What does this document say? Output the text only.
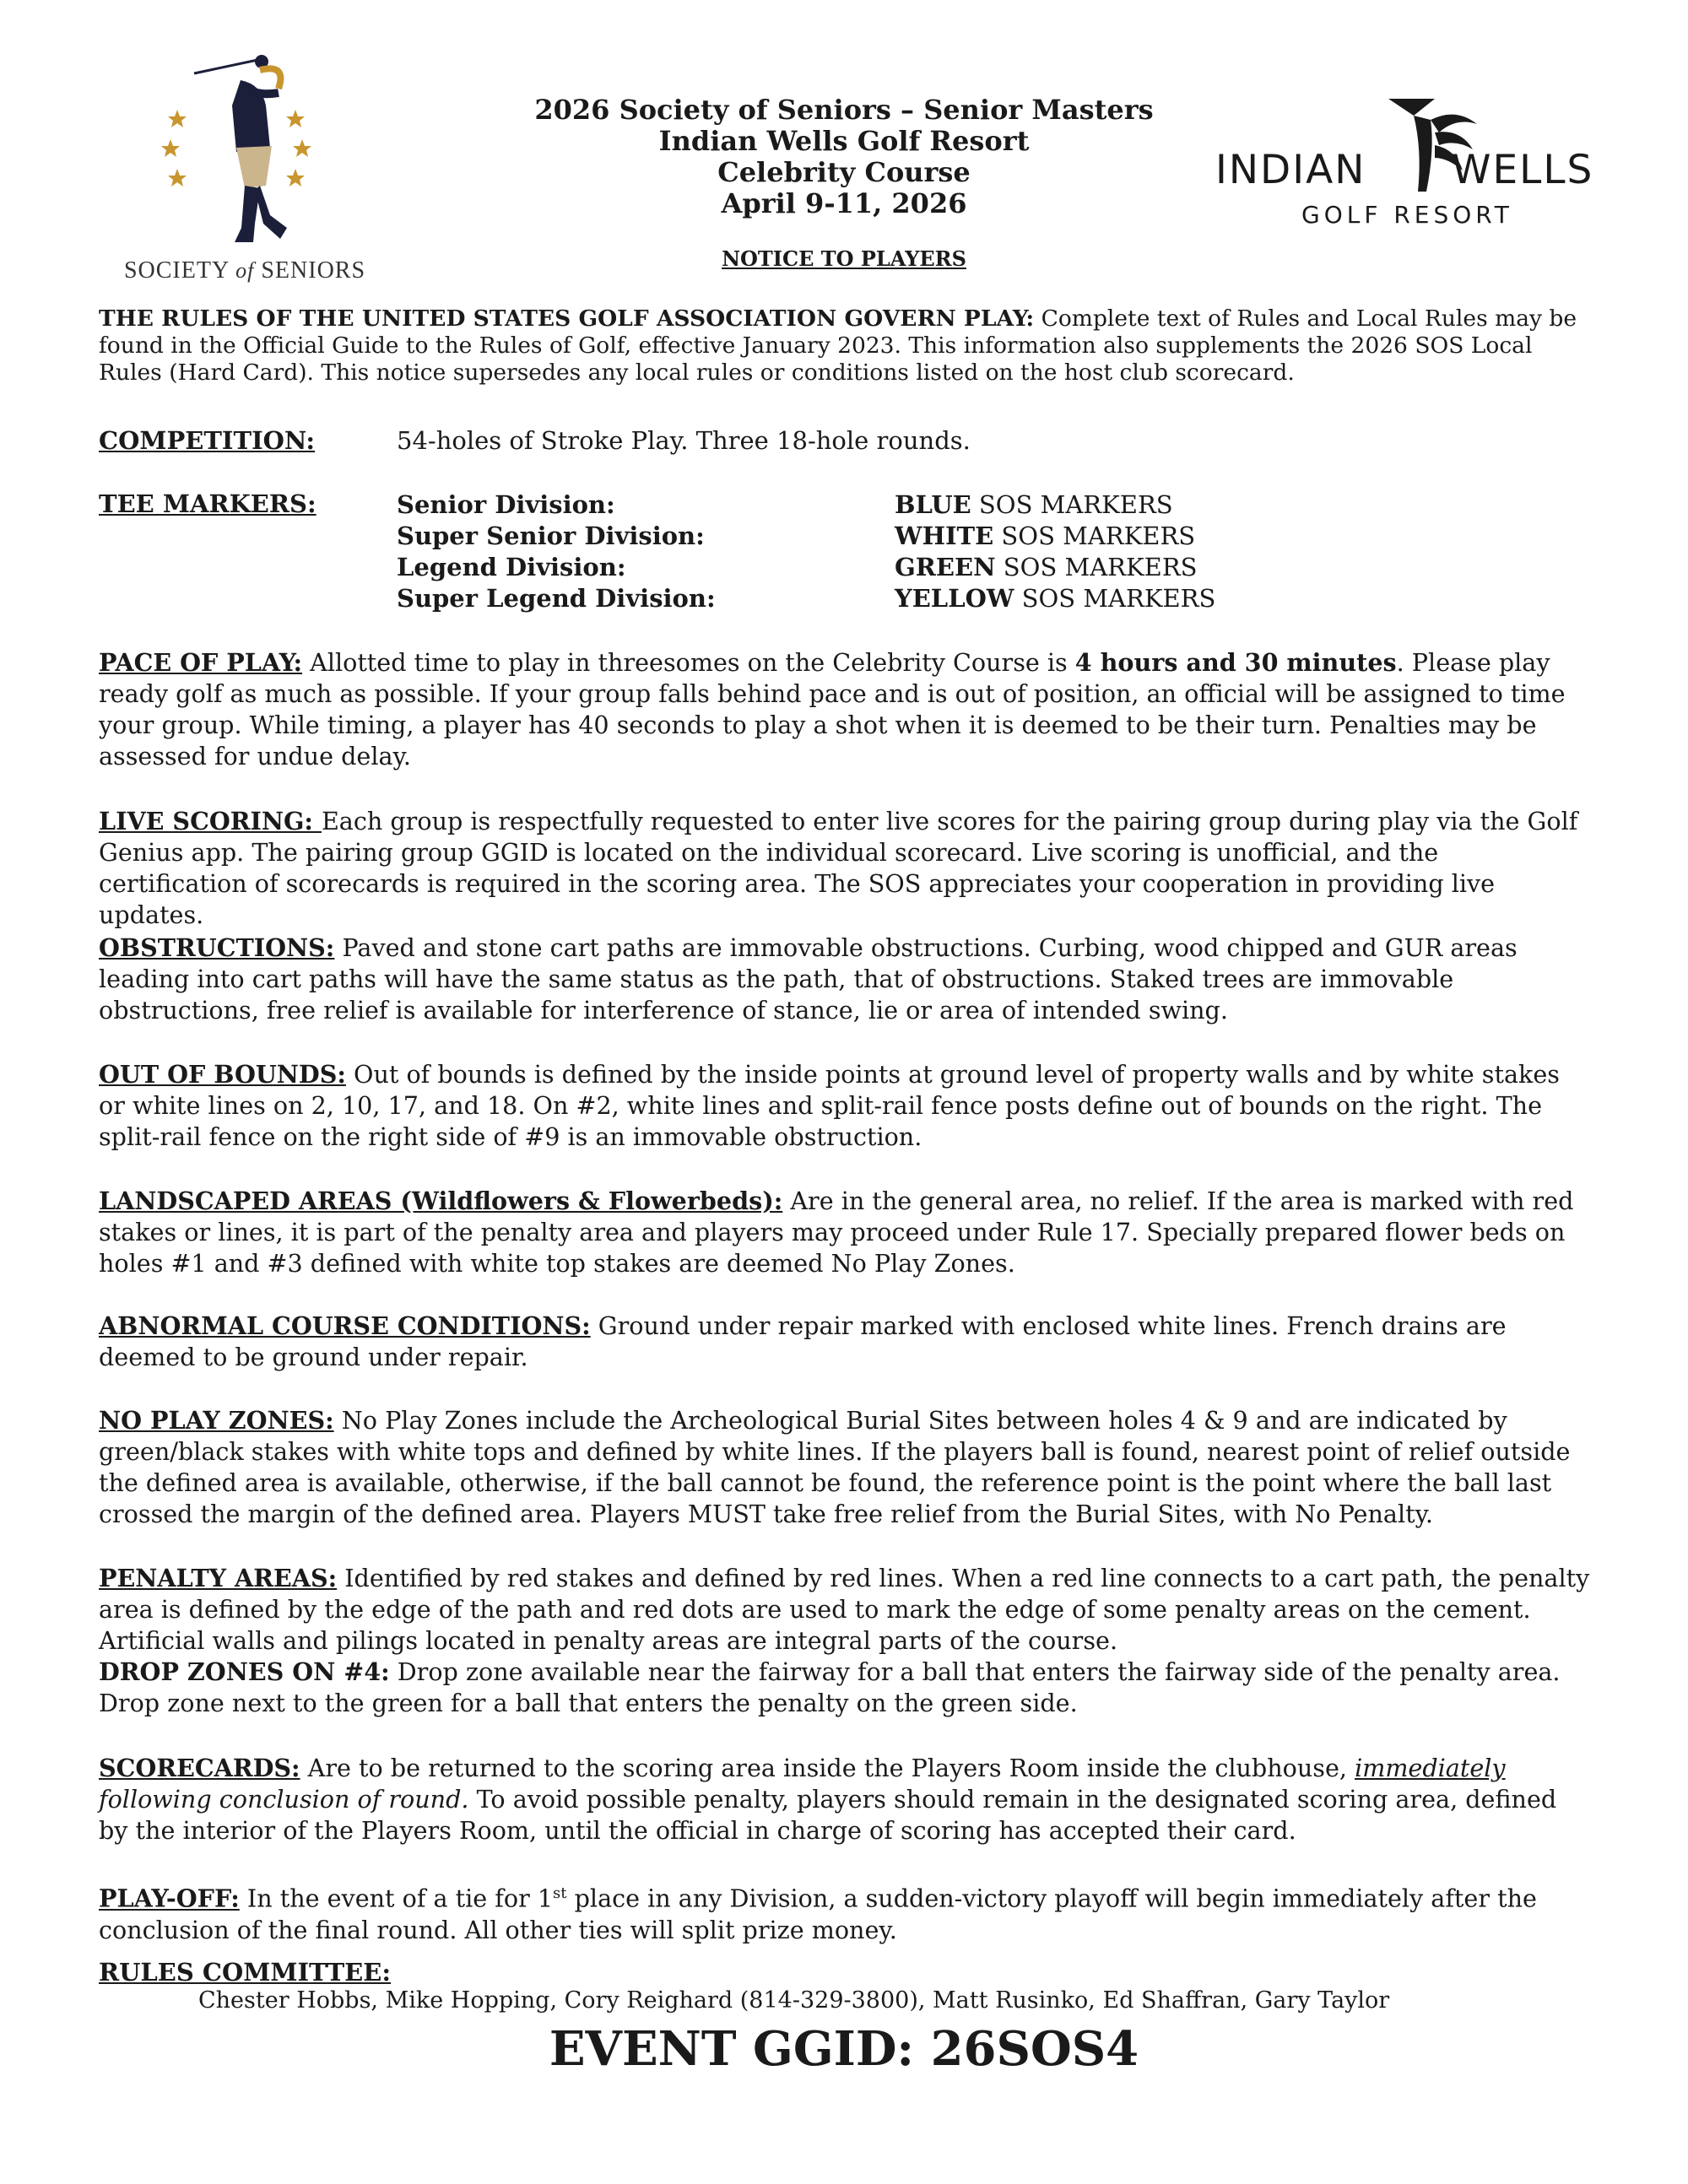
SOCIETY of SENIORS
2026 Society of Seniors – Senior Masters
Indian Wells Golf Resort
Celebrity Course
April 9-11, 2026
NOTICE TO PLAYERS
INDIAN WELLS
GOLF RESORT
THE RULES OF THE UNITED STATES GOLF ASSOCIATION GOVERN PLAY: Complete text of Rules and Local Rules may be found in the Official Guide to the Rules of Golf, effective January 2023. This information also supplements the 2026 SOS Local Rules (Hard Card). This notice supersedes any local rules or conditions listed on the host club scorecard.
COMPETITION:	54-holes of Stroke Play. Three 18-hole rounds.
TEE MARKERS:	Senior Division:
Super Senior Division:
Legend Division:
Super Legend Division:
BLUE SOS MARKERS
WHITE SOS MARKERS
GREEN SOS MARKERS
YELLOW SOS MARKERS
PACE OF PLAY: Allotted time to play in threesomes on the Celebrity Course is 4 hours and 30 minutes. Please play ready golf as much as possible. If your group falls behind pace and is out of position, an official will be assigned to time your group. While timing, a player has 40 seconds to play a shot when it is deemed to be their turn. Penalties may be assessed for undue delay.
LIVE SCORING: Each group is respectfully requested to enter live scores for the pairing group during play via the Golf Genius app. The pairing group GGID is located on the individual scorecard. Live scoring is unofficial, and the certification of scorecards is required in the scoring area. The SOS appreciates your cooperation in providing live updates.
OBSTRUCTIONS: Paved and stone cart paths are immovable obstructions. Curbing, wood chipped and GUR areas leading into cart paths will have the same status as the path, that of obstructions. Staked trees are immovable obstructions, free relief is available for interference of stance, lie or area of intended swing.
OUT OF BOUNDS: Out of bounds is defined by the inside points at ground level of property walls and by white stakes or white lines on 2, 10, 17, and 18. On #2, white lines and split-rail fence posts define out of bounds on the right. The split-rail fence on the right side of #9 is an immovable obstruction.
LANDSCAPED AREAS (Wildflowers & Flowerbeds): Are in the general area, no relief. If the area is marked with red stakes or lines, it is part of the penalty area and players may proceed under Rule 17. Specially prepared flower beds on holes #1 and #3 defined with white top stakes are deemed No Play Zones.
ABNORMAL COURSE CONDITIONS: Ground under repair marked with enclosed white lines. French drains are deemed to be ground under repair.
NO PLAY ZONES: No Play Zones include the Archeological Burial Sites between holes 4 & 9 and are indicated by green/black stakes with white tops and defined by white lines. If the players ball is found, nearest point of relief outside the defined area is available, otherwise, if the ball cannot be found, the reference point is the point where the ball last crossed the margin of the defined area. Players MUST take free relief from the Burial Sites, with No Penalty.
PENALTY AREAS: Identified by red stakes and defined by red lines. When a red line connects to a cart path, the penalty area is defined by the edge of the path and red dots are used to mark the edge of some penalty areas on the cement. Artificial walls and pilings located in penalty areas are integral parts of the course.
DROP ZONES ON #4: Drop zone available near the fairway for a ball that enters the fairway side of the penalty area. Drop zone next to the green for a ball that enters the penalty on the green side.
SCORECARDS: Are to be returned to the scoring area inside the Players Room inside the clubhouse, immediately following conclusion of round. To avoid possible penalty, players should remain in the designated scoring area, defined by the interior of the Players Room, until the official in charge of scoring has accepted their card.
PLAY-OFF: In the event of a tie for 1st place in any Division, a sudden-victory playoff will begin immediately after the conclusion of the final round. All other ties will split prize money.
RULES COMMITTEE:
Chester Hobbs, Mike Hopping, Cory Reighard (814-329-3800), Matt Rusinko, Ed Shaffran, Gary Taylor
EVENT GGID: 26SOS4
